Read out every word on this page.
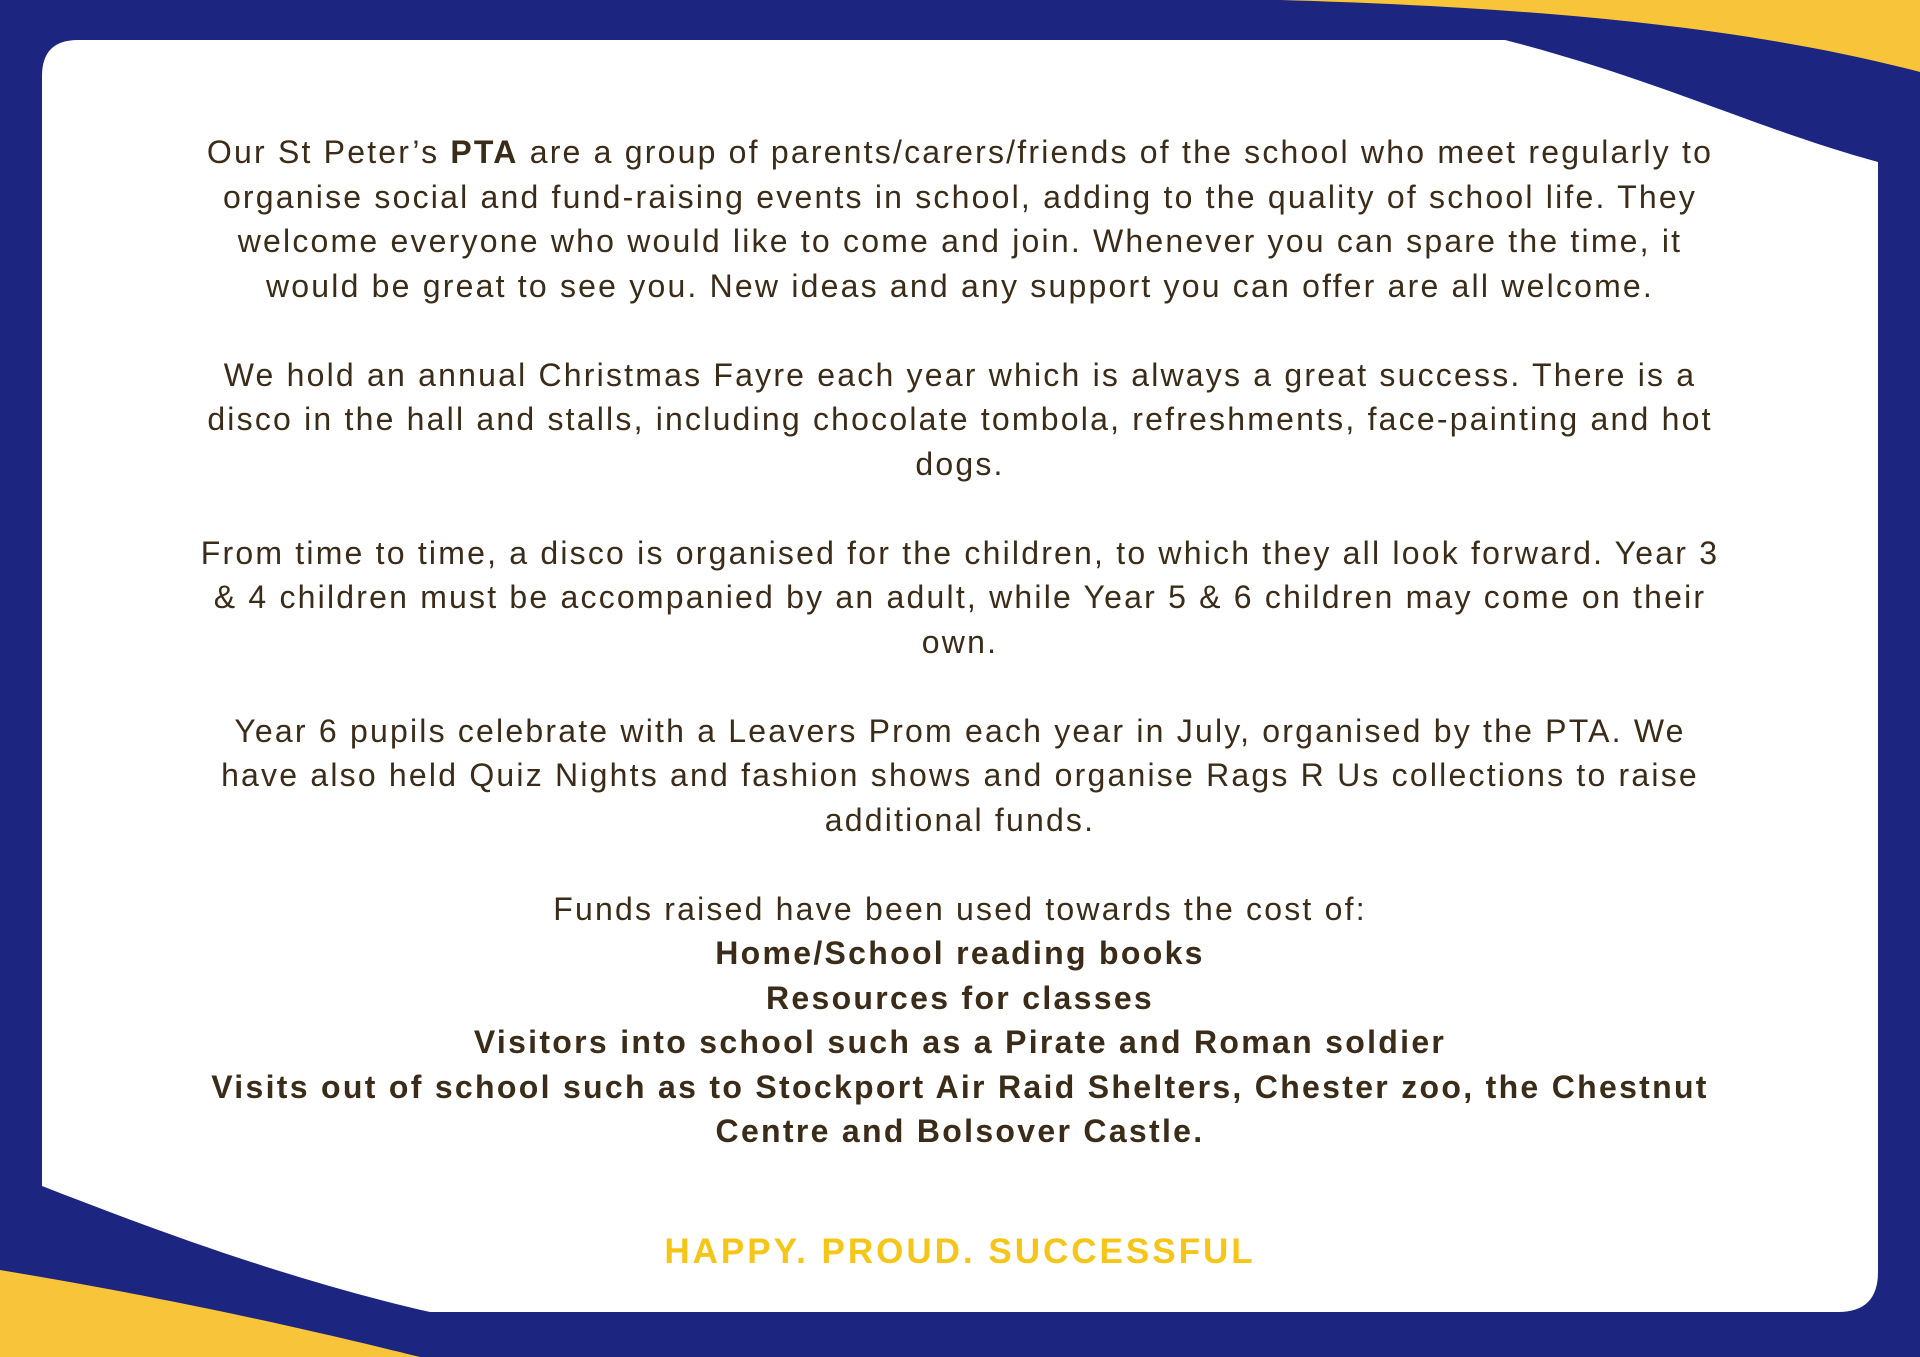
Our St Peter’s PTA are a group of parents/carers/friends of the school who meet regularly to organise social and fund-raising events in school, adding to the quality of school life. They welcome everyone who would like to come and join. Whenever you can spare the time, it would be great to see you. New ideas and any support you can offer are all welcome.

We hold an annual Christmas Fayre each year which is always a great success. There is a disco in the hall and stalls, including chocolate tombola, refreshments, face-painting and hot dogs.

From time to time, a disco is organised for the children, to which they all look forward. Year 3 & 4 children must be accompanied by an adult, while Year 5 & 6 children may come on their own.

Year 6 pupils celebrate with a Leavers Prom each year in July, organised by the PTA. We have also held Quiz Nights and fashion shows and organise Rags R Us collections to raise additional funds.

Funds raised have been used towards the cost of:
Home/School reading books
Resources for classes
Visitors into school such as a Pirate and Roman soldier
Visits out of school such as to Stockport Air Raid Shelters, Chester zoo, the Chestnut Centre and Bolsover Castle.
HAPPY. PROUD. SUCCESSFUL
